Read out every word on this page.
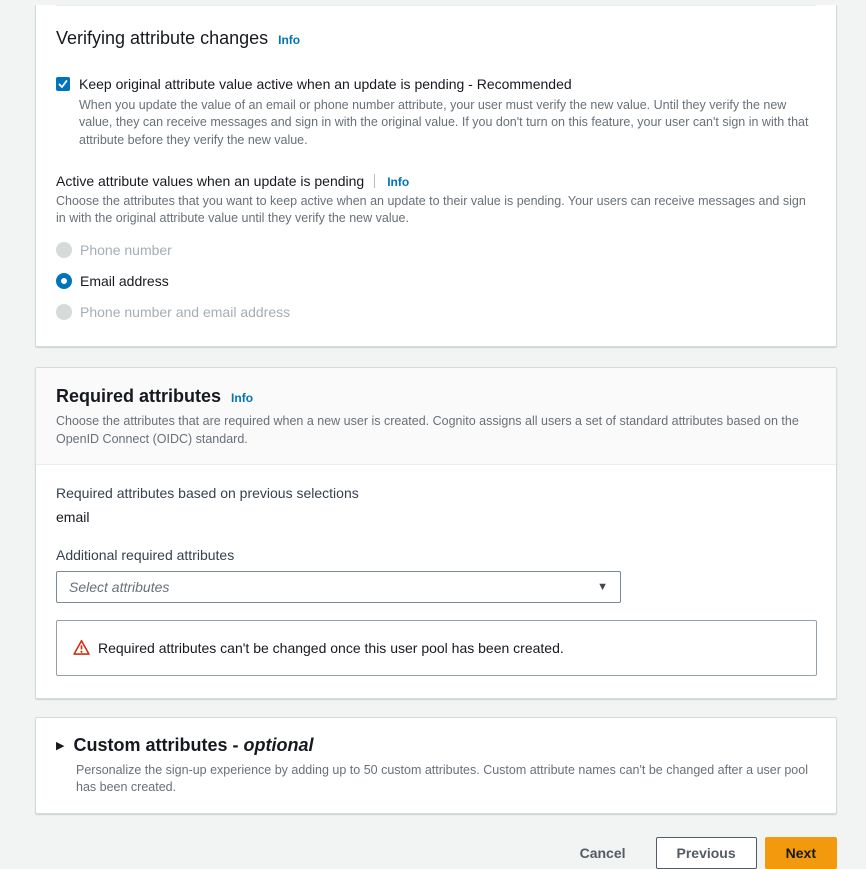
Verifying attribute changes Info
Keep original attribute value active when an update is pending - Recommended
When you update the value of an email or phone number attribute, your user must verify the new value. Until they verify the new value, they can receive messages and sign in with the original value. If you don't turn on this feature, your user can't sign in with that attribute before they verify the new value.
Active attribute values when an update is pending Info
Choose the attributes that you want to keep active when an update to their value is pending. Your users can receive messages and sign in with the original attribute value until they verify the new value.
Phone number
Email address
Phone number and email address
Required attributes Info
Choose the attributes that are required when a new user is created. Cognito assigns all users a set of standard attributes based on the OpenID Connect (OIDC) standard.
Required attributes based on previous selections
email
Additional required attributes
Select attributes	▼
Required attributes can't be changed once this user pool has been created.
▶ Custom attributes - optional
Personalize the sign-up experience by adding up to 50 custom attributes. Custom attribute names can't be changed after a user pool has been created.
Cancel	Previous	Next
